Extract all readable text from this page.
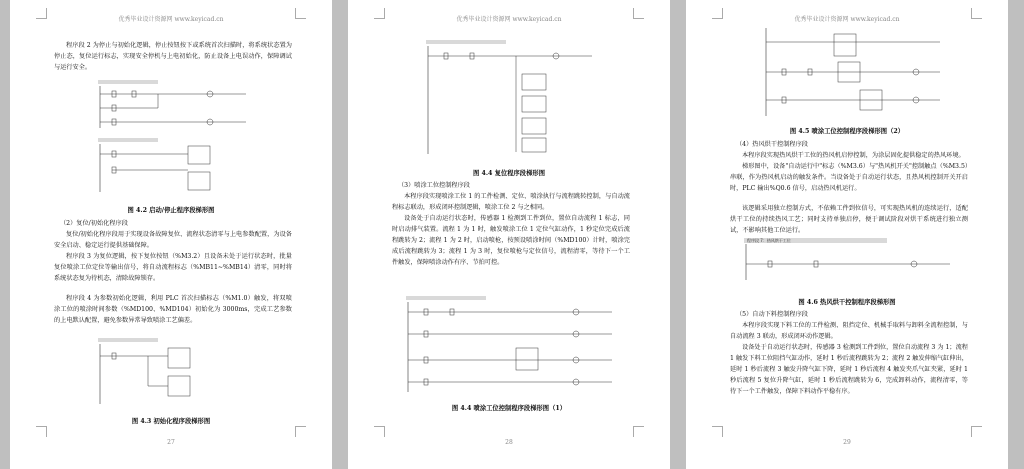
优秀毕业设计资源网 www.keyicad.cn
程序段 2 为停止与初始化逻辑，停止按钮按下或系统首次扫描时，将系统状态置为停止态，复位运行标志，实现安全停机与上电初始化，防止设备上电误动作，保障调试与运行安全。
图 4.2 启动/停止程序段梯形图
（2）复位/初始化程序段
复位/初始化程序段用于实现设备故障复位、流程状态清零与上电参数配置，为设备安全启动、稳定运行提供基础保障。
程序段 3 为复位逻辑，按下复位按钮（%M3.2）且设备未处于运行状态时，批量复位喷涂工位定位等输出信号，将自动流程标志（%MB11~%MB14）清零，同时将系统状态复为待机态，清除故障锁存。
程序段 4 为参数初始化逻辑，利用 PLC 首次扫描标志（%M1.0）触发，将双喷涂工位的喷涂时间参数（%MD100、%MD104）初始化为 3000ms，完成工艺参数的上电默认配置，避免参数异常导致喷涂工艺偏差。
图 4.3 初始化程序段梯形图
27
优秀毕业设计资源网 www.keyicad.cn
图 4.4 复位程序段梯形图
（3）喷涂工位控制程序段
本程序段实现喷涂工位 1 的工件检测、定位、喷涂执行与流程跳转控制，与自动流程标志联动，形成闭环控制逻辑，喷涂工位 2 与之相同。
设备处于自动运行状态时，传感器 1 检测到工件到位，置位自动流程 1 标志，同时启动排气装置。流程 1 为 1 时，触发喷涂工位 1 定位气缸动作，1 秒定位完成后流程跳转为 2；流程 1 为 2 时，启动喷枪，按预设喷涂时间（%MD100）计时，喷涂完成后流程跳转为 3；流程 1 为 3 时，复位喷枪与定位信号，流程清零，等待下一个工件触发，保障喷涂动作有序、节拍可控。
图 4.4 喷涂工位控制程序段梯形图（1）
28
优秀毕业设计资源网 www.keyicad.cn
图 4.5 喷涂工位控制程序段梯形图（2）
（4）热风烘干控制程序段
本程序段实现热风烘干工位的热风机启停控制，为涂层固化提供稳定的热风环境。
梯形图中，设备"自动运行中"标志（%M3.6）与"热风机开关"控制触点（%M3.5）串联，作为热风机启动的触发条件。当设备处于自动运行状态，且热风机控制开关开启时，PLC 输出%Q0.6 信号，启动热风机运行。
该逻辑采用独立控制方式，不依赖工件到位信号，可实现热风机的连续运行，适配烘干工位的持续热风工艺；同时支持单独启停，便于调试阶段对烘干系统进行独立测试，不影响其他工位运行。
程序段 7：热风烘干工位
图 4.6 热风烘干控制程序段梯形图
（5）自动下料控制程序段
本程序段实现下料工位的工件检测、阻挡定位、机械手取料与卸料全流程控制，与自动流程 3 联动，形成闭环动作逻辑。
设备处于自动运行状态时，传感器 3 检测到工件到位，置位自动流程 3 为 1；流程 1 触发下料工位阻挡气缸动作，延时 1 秒后流程跳转为 2；流程 2 触发伸缩气缸伸出，延时 1 秒后流程 3 触发升降气缸下降，延时 1 秒后流程 4 触发夹爪气缸夹紧，延时 1 秒后流程 5 复位升降气缸，延时 1 秒后流程跳转为 6，完成卸料动作，流程清零，等待下一个工件触发，保障下料动作平稳有序。
29
